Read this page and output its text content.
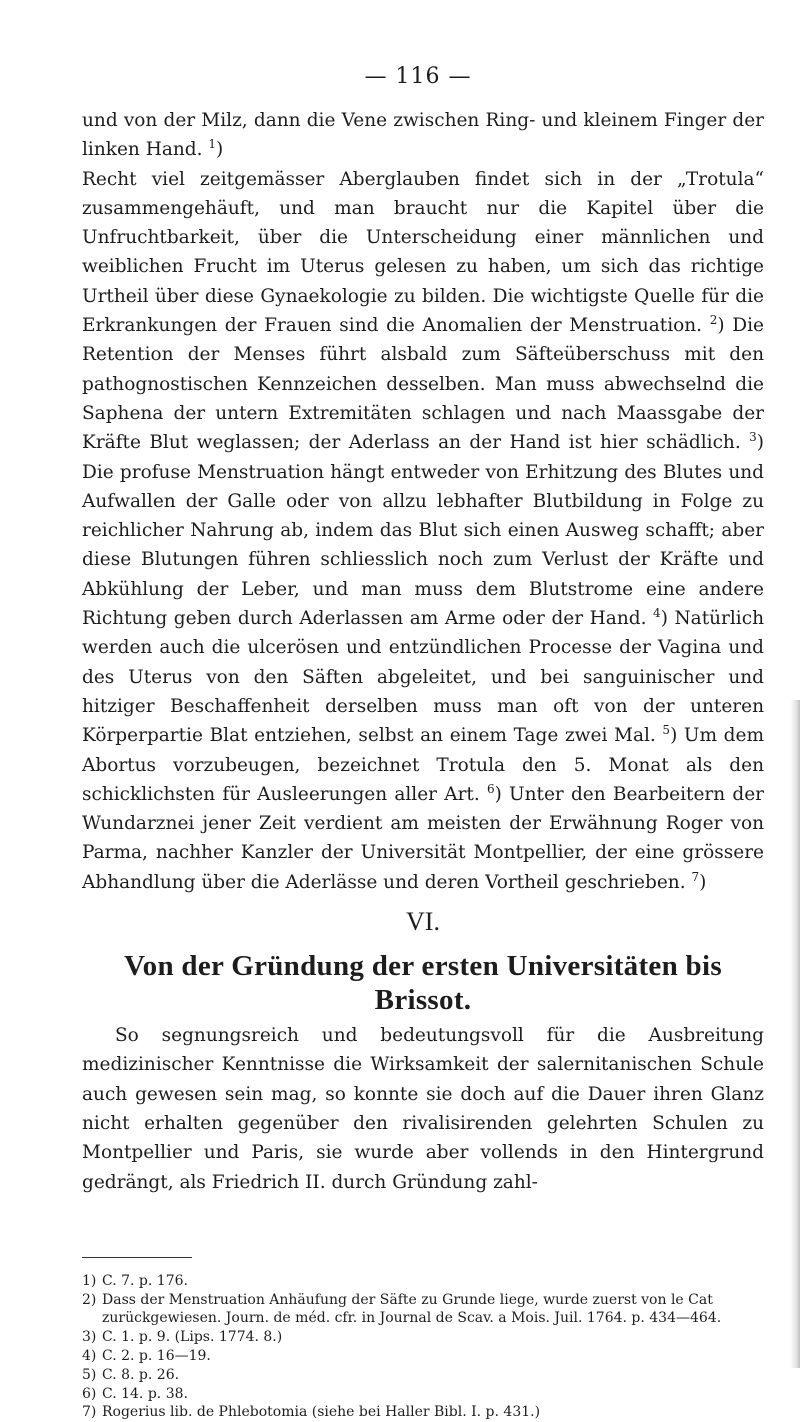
— 116 —

und von der Milz, dann die Vene zwischen Ring- und kleinem Finger der linken Hand. $^1$)

Recht viel zeitgemässer Aberglauben findet sich in der „Trotula“ zusammengehäuft, und man braucht nur die Kapitel über die Unfruchtbarkeit, über die Unterscheidung einer männlichen und weiblichen Frucht im Uterus gelesen zu haben, um sich das richtige Urtheil über diese Gynaekologie zu bilden. Die wichtigste Quelle für die Erkrankungen der Frauen sind die Anomalien der Menstruation. $^2$) Die Retention der Menses führt alsbald zum Säfteüberschuss mit den pathognostischen Kennzeichen desselben. Man muss abwechselnd die Saphena der untern Extremitäten schlagen und nach Maassgabe der Kräfte Blut weglassen; der Aderlass an der Hand ist hier schädlich. $^3$) Die profuse Menstruation hängt entweder von Erhitzung des Blutes und Aufwallen der Galle oder von allzu lebhafter Blutbildung in Folge zu reichlicher Nahrung ab, indem das Blut sich einen Ausweg schafft; aber diese Blutungen führen schliesslich noch zum Verlust der Kräfte und Abkühlung der Leber, und man muss dem Blutstrome eine andere Richtung geben durch Aderlassen am Arme oder der Hand. $^4$) Natürlich werden auch die ulcerösen und entzündlichen Processe der Vagina und des Uterus von den Säften abgeleitet, und bei sanguinischer und hitziger Beschaffenheit derselben muss man oft von der unteren Körperpartie Blat entziehen, selbst an einem Tage zwei Mal. $^5$) Um dem Abortus vorzubeugen, bezeichnet Trotula den 5. Monat als den schicklichsten für Ausleerungen aller Art. $^6$) Unter den Bearbeitern der Wundarznei jener Zeit verdient am meisten der Erwähnung Roger von Parma, nachher Kanzler der Universität Montpellier, der eine grössere Abhandlung über die Aderlässe und deren Vortheil geschrieben. $^7$)

VI.
Von der Gründung der ersten Universitäten bis Brissot.

So segnungsreich und bedeutungsvoll für die Ausbreitung medizinischer Kenntnisse die Wirksamkeit der salernitanischen Schule auch gewesen sein mag, so konnte sie doch auf die Dauer ihren Glanz nicht erhalten gegenüber den rivalisirenden gelehrten Schulen zu Montpellier und Paris, sie wurde aber vollends in den Hintergrund gedrängt, als Friedrich II. durch Gründung zahl-

1) C. 7. p. 176.
2) Dass der Menstruation Anhäufung der Säfte zu Grunde liege, wurde zuerst von le Cat zurückgewiesen. Journ. de méd. cfr. in Journal de Scav. a Mois. Juil. 1764. p. 434—464.
3) C. 1. p. 9. (Lips. 1774. 8.)
4) C. 2. p. 16—19.
5) C. 8. p. 26.
6) C. 14. p. 38.
7) Rogerius lib. de Phlebotomia (siehe bei Haller Bibl. I. p. 431.)
